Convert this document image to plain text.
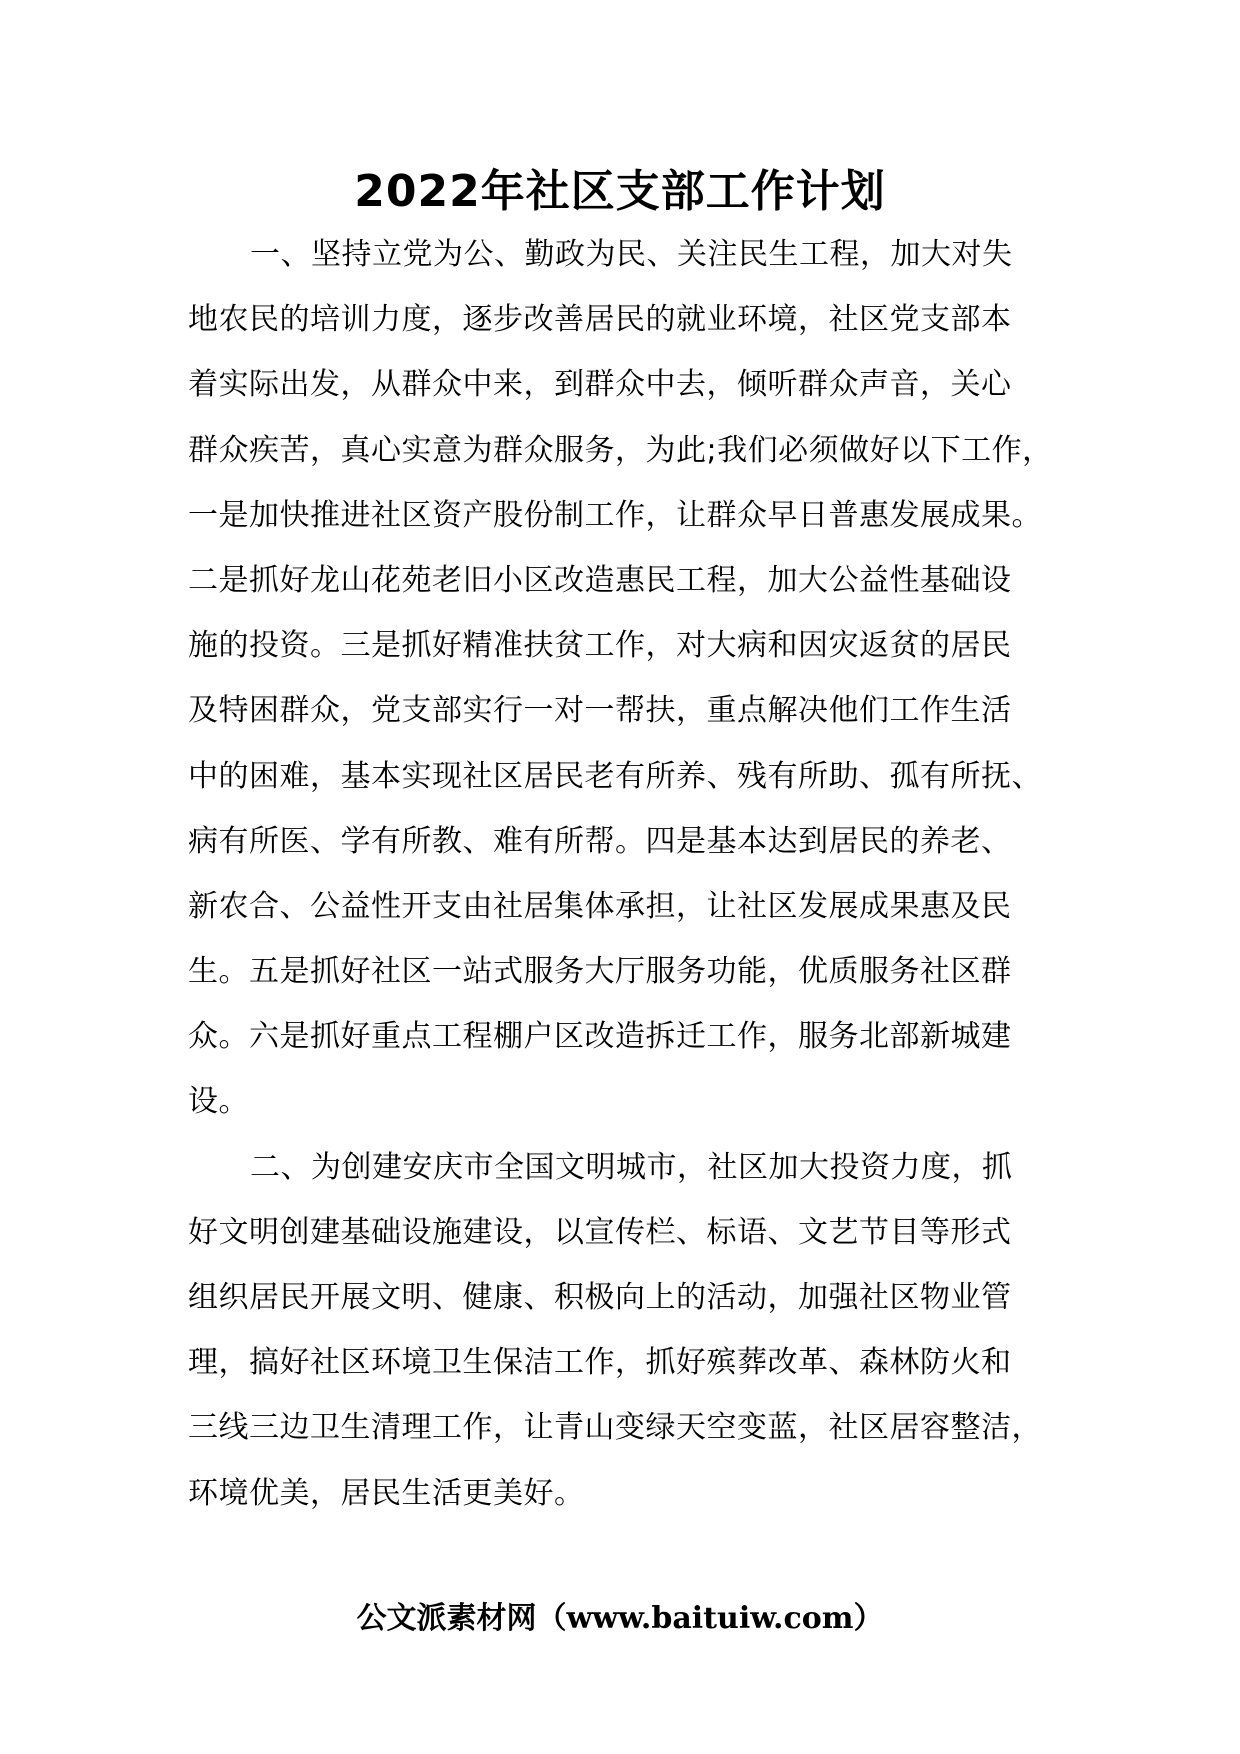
2022年社区支部工作计划
一、坚持立党为公、勤政为民、关注民生工程，加大对失
地农民的培训力度，逐步改善居民的就业环境，社区党支部本
着实际出发，从群众中来，到群众中去，倾听群众声音，关心
群众疾苦，真心实意为群众服务，为此;我们必须做好以下工作，
一是加快推进社区资产股份制工作，让群众早日普惠发展成果。
二是抓好龙山花苑老旧小区改造惠民工程，加大公益性基础设
施的投资。三是抓好精准扶贫工作，对大病和因灾返贫的居民
及特困群众，党支部实行一对一帮扶，重点解决他们工作生活
中的困难，基本实现社区居民老有所养、残有所助、孤有所抚、
病有所医、学有所教、难有所帮。四是基本达到居民的养老、
新农合、公益性开支由社居集体承担，让社区发展成果惠及民
生。五是抓好社区一站式服务大厅服务功能，优质服务社区群
众。六是抓好重点工程棚户区改造拆迁工作，服务北部新城建
设。
二、为创建安庆市全国文明城市，社区加大投资力度，抓
好文明创建基础设施建设，以宣传栏、标语、文艺节目等形式
组织居民开展文明、健康、积极向上的活动，加强社区物业管
理，搞好社区环境卫生保洁工作，抓好殡葬改革、森林防火和
三线三边卫生清理工作，让青山变绿天空变蓝，社区居容整洁，
环境优美，居民生活更美好。
公文派素材网（www.baituiw.com）
